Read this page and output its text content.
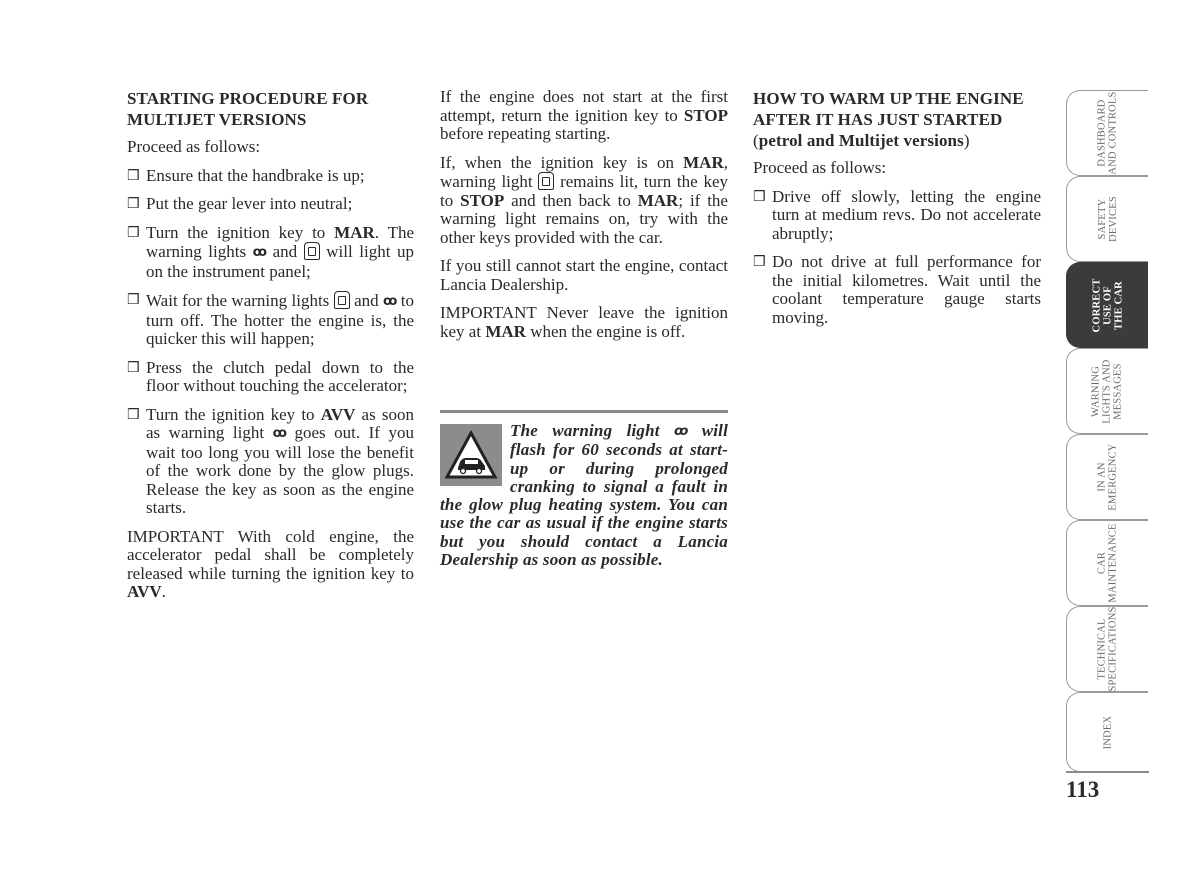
STARTING PROCEDURE FOR MULTIJET VERSIONS

Proceed as follows:

❒ Ensure that the handbrake is up;
❒ Put the gear lever into neutral;
❒ Turn the ignition key to MAR. The warning lights ꝏ and  will light up on the instrument panel;
❒ Wait for the warning lights  and ꝏ to turn off. The hotter the engine is, the quicker this will happen;
❒ Press the clutch pedal down to the floor without touching the accelerator;
❒ Turn the ignition key to AVV as soon as warning light ꝏ goes out. If you wait too long you will lose the benefit of the work done by the glow plugs. Release the key as soon as the engine starts.

IMPORTANT With cold engine, the accelerator pedal shall be completely released while turning the ignition key to AVV.

If the engine does not start at the first attempt, return the ignition key to STOP before repeating starting.

If, when the ignition key is on MAR, warning light  remains lit, turn the key to STOP and then back to MAR; if the warning light remains on, try with the other keys provided with the car.

If you still cannot start the engine, contact Lancia Dealership.

IMPORTANT Never leave the ignition key at MAR when the engine is off.

The warning light ꝏ will flash for 60 seconds at start-up or during prolonged cranking to signal a fault in the glow plug heating system. You can use the car as usual if the engine starts but you should contact a Lancia Dealership as soon as possible.
HOW TO WARM UP THE ENGINE AFTER IT HAS JUST STARTED
(petrol and Multijet versions)

Proceed as follows:

❒ Drive off slowly, letting the engine turn at medium revs. Do not accelerate abruptly;
❒ Do not drive at full performance for the initial kilometres. Wait until the coolant temperature gauge starts moving.
DASHBOARD
AND CONTROLS
SAFETY
DEVICES
CORRECT
USE OF
THE CAR
WARNING
LIGHTS AND
MESSAGES
IN AN
EMERGENCY
CAR
MAINTENANCE
TECHNICAL
SPECIFICATIONS
INDEX
113
